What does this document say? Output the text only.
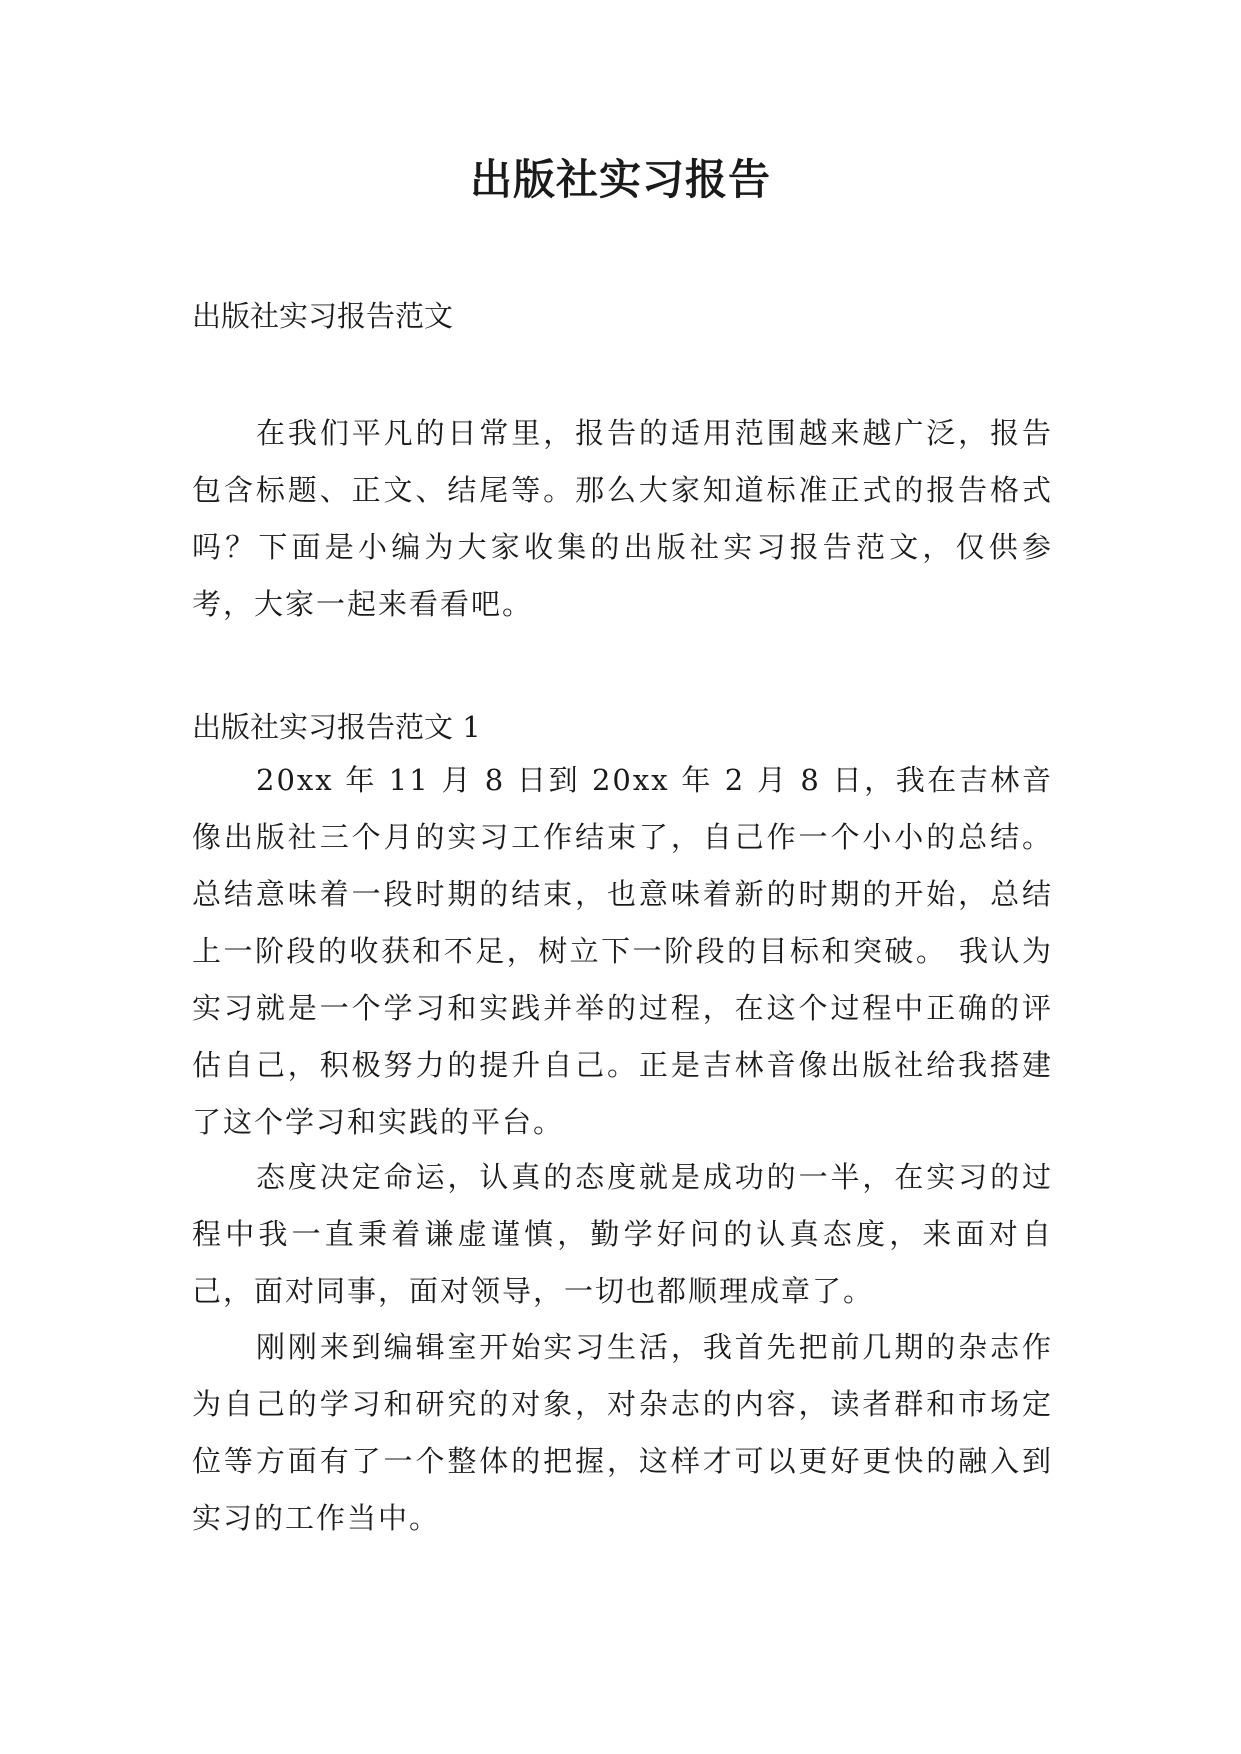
出版社实习报告
出版社实习报告范文

在我们平凡的日常里，报告的适用范围越来越广泛，报告包含标题、正文、结尾等。那么大家知道标准正式的报告格式吗？下面是小编为大家收集的出版社实习报告范文，仅供参考，大家一起来看看吧。

出版社实习报告范文 1

20xx 年 11 月 8 日到 20xx 年 2 月 8 日，我在吉林音像出版社三个月的实习工作结束了，自己作一个小小的总结。总结意味着一段时期的结束，也意味着新的时期的开始，总结上一阶段的收获和不足，树立下一阶段的目标和突破。 我认为实习就是一个学习和实践并举的过程，在这个过程中正确的评估自己，积极努力的提升自己。正是吉林音像出版社给我搭建了这个学习和实践的平台。

态度决定命运，认真的态度就是成功的一半，在实习的过程中我一直秉着谦虚谨慎，勤学好问的认真态度，来面对自己，面对同事，面对领导，一切也都顺理成章了。

刚刚来到编辑室开始实习生活，我首先把前几期的杂志作为自己的学习和研究的对象，对杂志的内容，读者群和市场定位等方面有了一个整体的把握，这样才可以更好更快的融入到实习的工作当中。
